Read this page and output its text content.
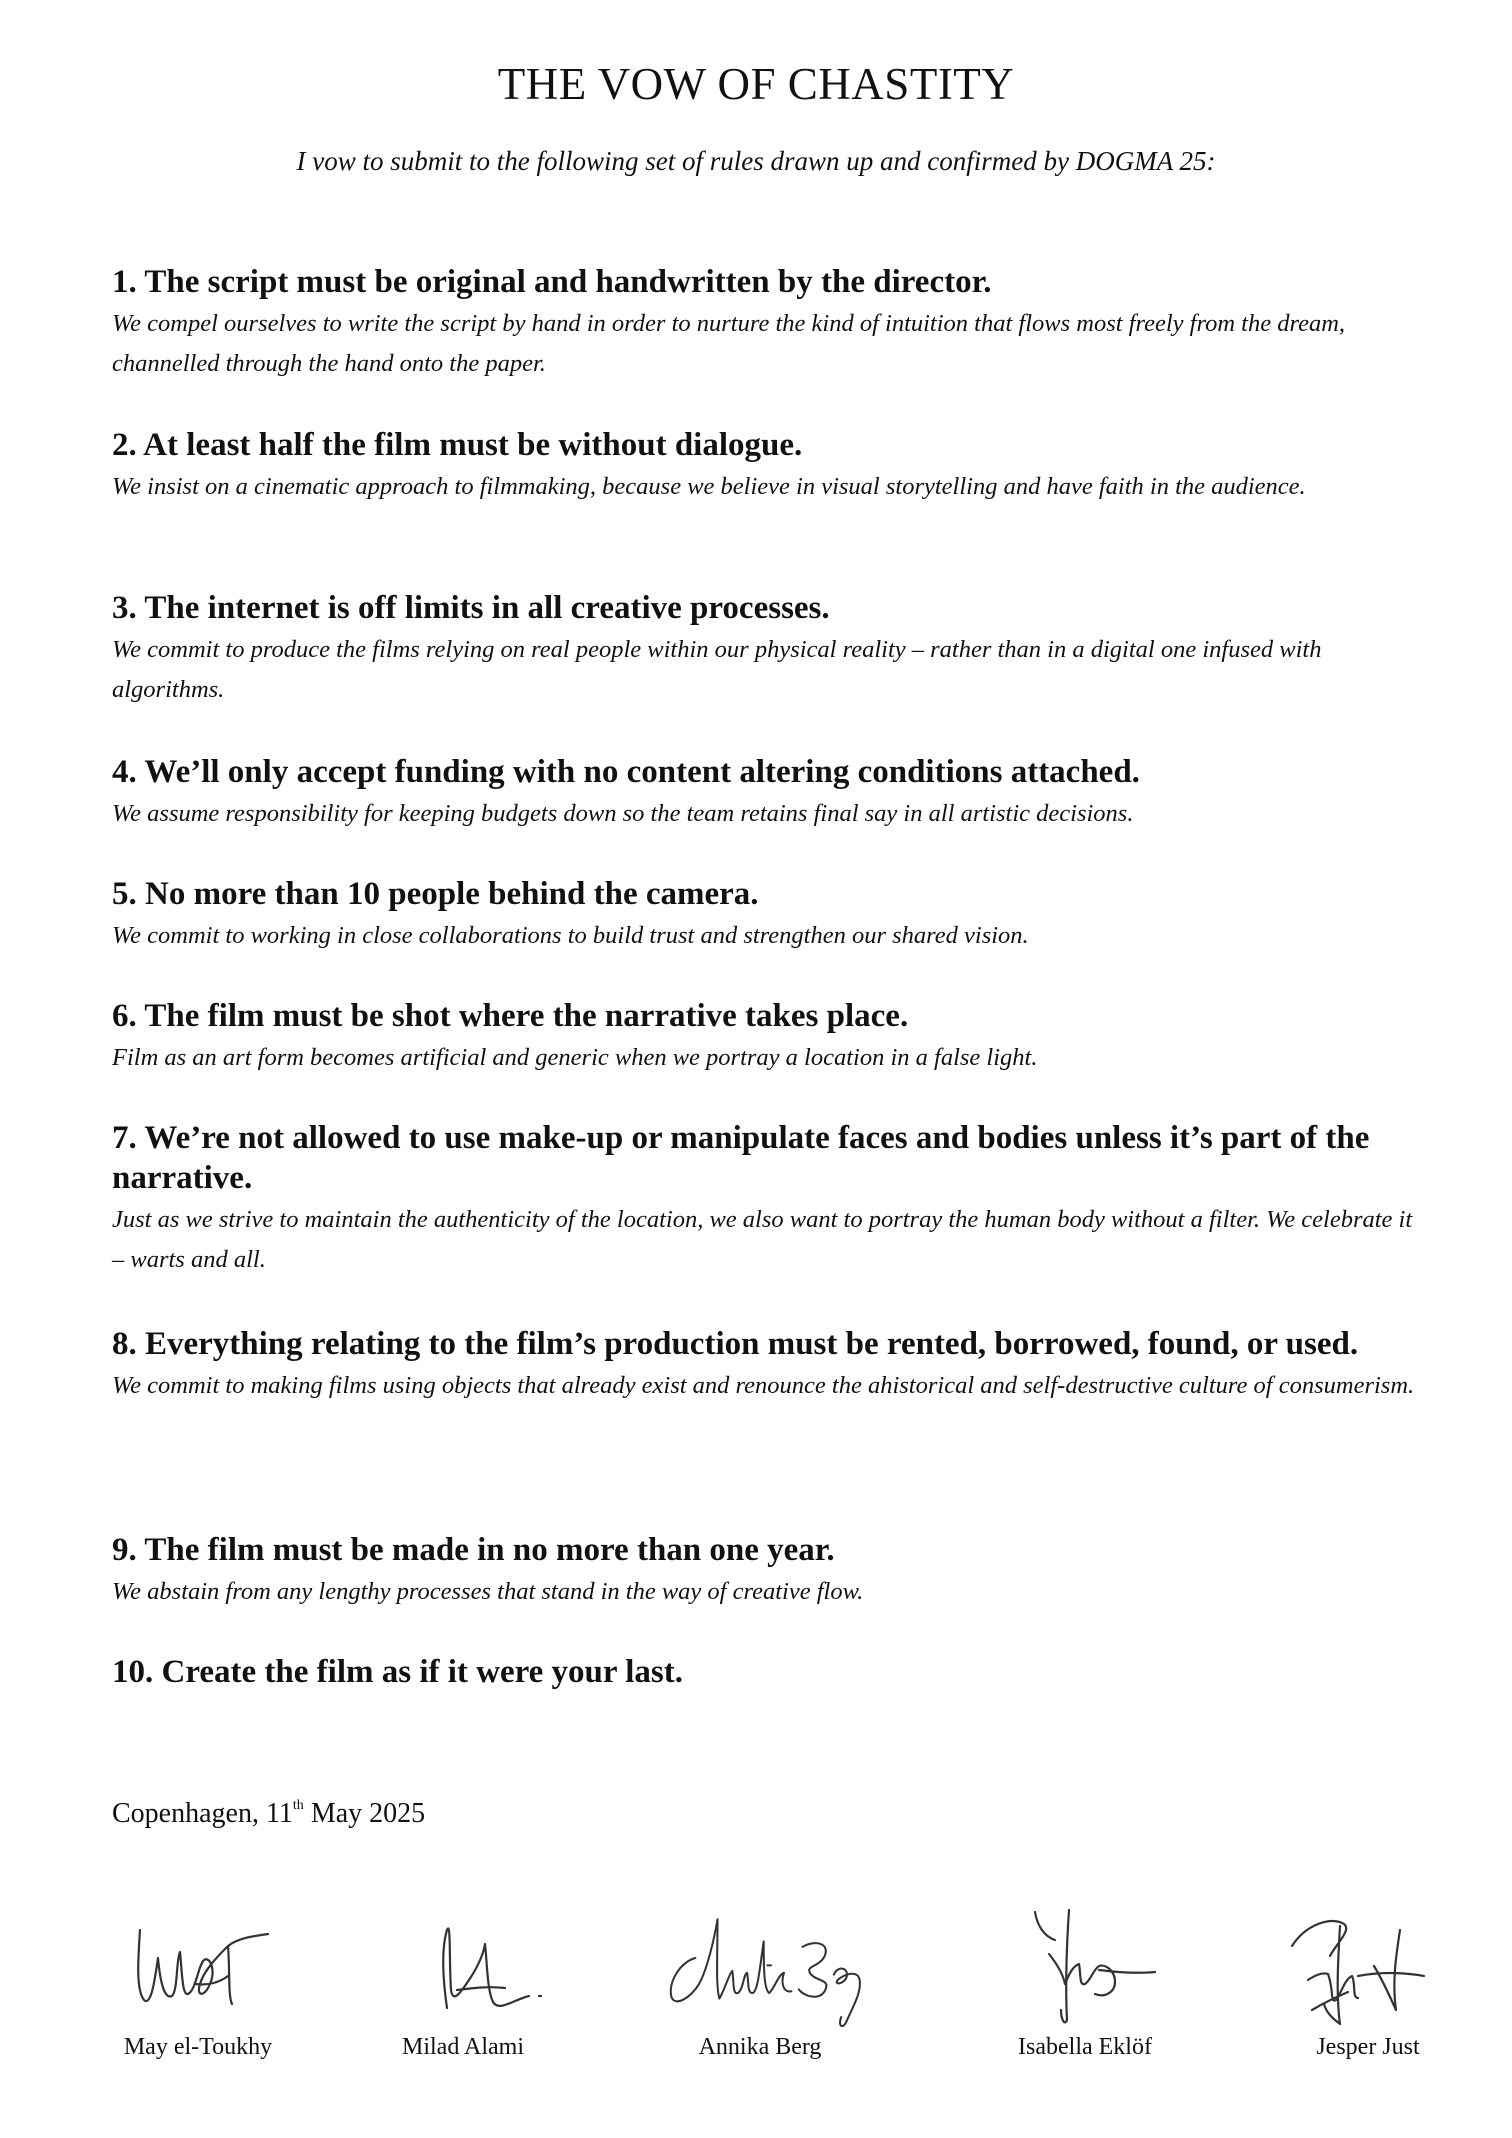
THE VOW OF CHASTITY
I vow to submit to the following set of rules drawn up and confirmed by DOGMA 25:

1. The script must be original and handwritten by the director.

We compel ourselves to write the script by hand in order to nurture the kind of intuition that flows most freely from the dream, channelled through the hand onto the paper.

2. At least half the film must be without dialogue.

We insist on a cinematic approach to filmmaking, because we believe in visual storytelling and have faith in the audience.

3. The internet is off limits in all creative processes.

We commit to produce the films relying on real people within our physical reality – rather than in a digital one infused with algorithms.

4. We’ll only accept funding with no content altering conditions attached.

We assume responsibility for keeping budgets down so the team retains final say in all artistic decisions.

5. No more than 10 people behind the camera.

We commit to working in close collaborations to build trust and strengthen our shared vision.

6. The film must be shot where the narrative takes place.

Film as an art form becomes artificial and generic when we portray a location in a false light.

7. We’re not allowed to use make-up or manipulate faces and bodies unless it’s part of the narrative.

Just as we strive to maintain the authenticity of the location, we also want to portray the human body without a filter. We celebrate it – warts and all.

8. Everything relating to the film’s production must be rented, borrowed, found, or used.

We commit to making films using objects that already exist and renounce the ahistorical and self-destructive culture of consumerism.

9. The film must be made in no more than one year.

We abstain from any lengthy processes that stand in the way of creative flow.

10. Create the film as if it were your last.

Copenhagen, 11th May 2025
May el-Toukhy	Milad Alami	Annika Berg	Isabella Eklöf	Jesper Just
